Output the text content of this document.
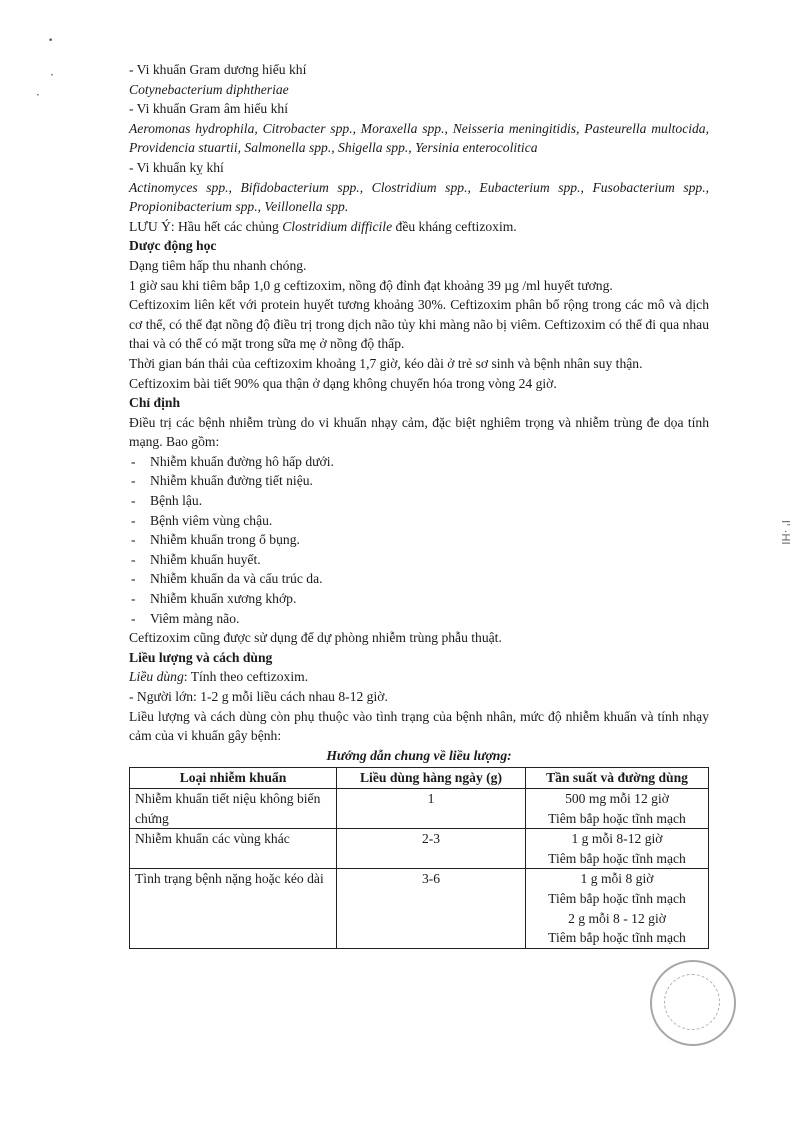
•
·
·
I' ·HΙ

- Vi khuẩn Gram dương hiếu khí

Cotynebacterium diphtheriae

- Vi khuẩn Gram âm hiếu khí

Aeromonas hydrophila, Citrobacter spp., Moraxella spp., Neisseria meningitidis, Pasteurella multocida, Providencia stuartii, Salmonella spp., Shigella spp., Yersinia enterocolitica

- Vi khuẩn kỵ khí

Actinomyces spp., Bifidobacterium spp., Clostridium spp., Eubacterium spp., Fusobacterium spp., Propionibacterium spp., Veillonella spp.

LƯU Ý: Hầu hết các chủng Clostridium difficile đều kháng ceftizoxim.

Dược động học

Dạng tiêm hấp thu nhanh chóng.

1 giờ sau khi tiêm bắp 1,0 g ceftizoxim, nồng độ đỉnh đạt khoảng 39 µg /ml huyết tương.

Ceftizoxim liên kết với protein huyết tương khoảng 30%. Ceftizoxim phân bố rộng trong các mô và dịch cơ thể, có thể đạt nồng độ điều trị trong dịch não tủy khi màng não bị viêm. Ceftizoxim có thể đi qua nhau thai và có thể có mặt trong sữa mẹ ở nồng độ thấp.

Thời gian bán thải của ceftizoxim khoảng 1,7 giờ, kéo dài ở trẻ sơ sinh và bệnh nhân suy thận.

Ceftizoxim bài tiết 90% qua thận ở dạng không chuyển hóa trong vòng 24 giờ.

Chỉ định

Điều trị các bệnh nhiễm trùng do vi khuẩn nhạy cảm, đặc biệt nghiêm trọng và nhiễm trùng đe dọa tính mạng. Bao gồm:

- Nhiễm khuẩn đường hô hấp dưới.
- Nhiễm khuẩn đường tiết niệu.
- Bệnh lậu.
- Bệnh viêm vùng chậu.
- Nhiễm khuẩn trong ổ bụng.
- Nhiễm khuẩn huyết.
- Nhiễm khuẩn da và cấu trúc da.
- Nhiễm khuẩn xương khớp.
- Viêm màng não.

Ceftizoxim cũng được sử dụng để dự phòng nhiễm trùng phẫu thuật.

Liều lượng và cách dùng

Liều dùng: Tính theo ceftizoxim.

- Người lớn: 1-2 g mỗi liều cách nhau 8-12 giờ.

Liều lượng và cách dùng còn phụ thuộc vào tình trạng của bệnh nhân, mức độ nhiễm khuẩn và tính nhạy cảm của vi khuẩn gây bệnh:

Hướng dẫn chung về liều lượng:

Loại nhiễm khuẩn	Liều dùng hàng ngày (g)	Tần suất và đường dùng
Nhiễm khuẩn tiết niệu không biến chứng	1	500 mg mỗi 12 giờ
Tiêm bắp hoặc tĩnh mạch

Nhiễm khuẩn các vùng khác	2-3	1 g mỗi 8-12 giờ
Tiêm bắp hoặc tĩnh mạch

Tình trạng bệnh nặng hoặc kéo dài	3-6	1 g mỗi 8 giờ
Tiêm bắp hoặc tĩnh mạch
2 g mỗi 8 - 12 giờ
Tiêm bắp hoặc tĩnh mạch
